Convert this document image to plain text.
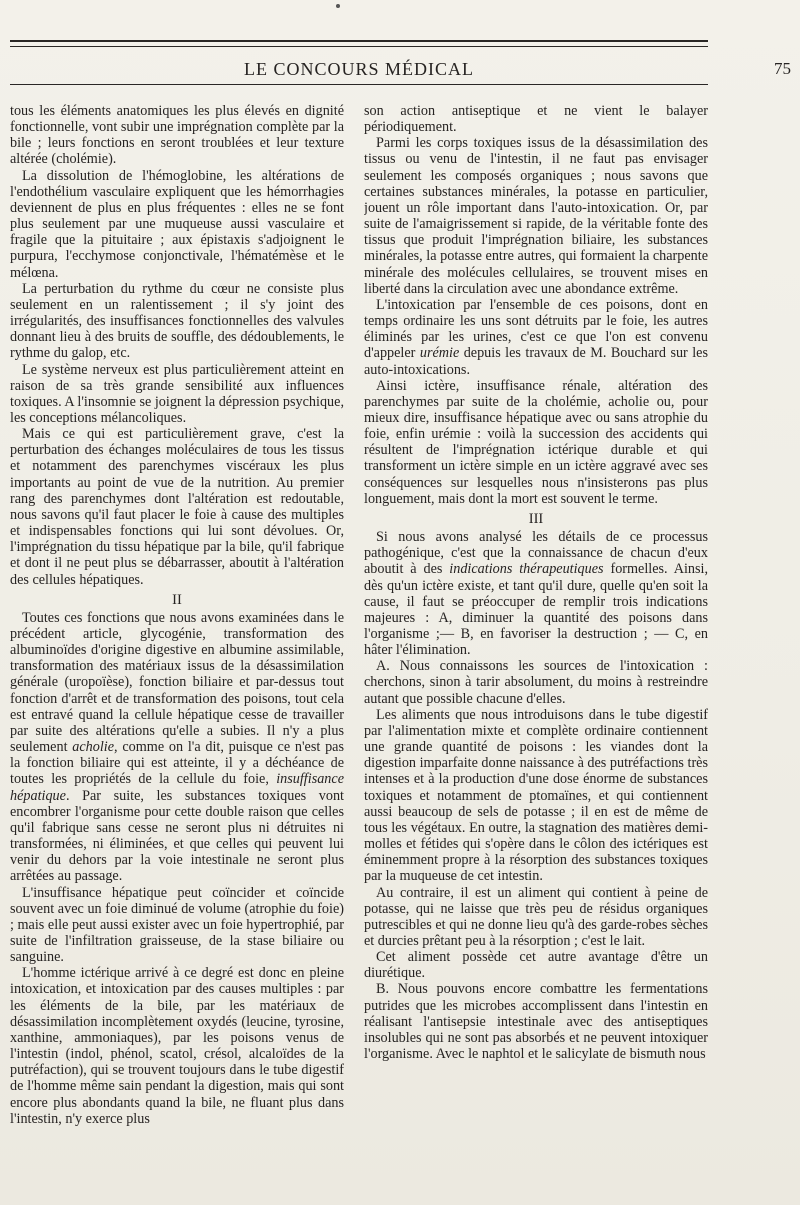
LE CONCOURS MÉDICAL	75

tous les éléments anatomiques les plus élevés en dignité fonctionnelle, vont subir une imprégnation complète par la bile ; leurs fonctions en seront troublées et leur texture altérée (cholémie).

La dissolution de l'hémoglobine, les altérations de l'endothélium vasculaire expliquent que les hémorrhagies deviennent de plus en plus fréquentes : elles ne se font plus seulement par une muqueuse aussi vasculaire et fragile que la pituitaire ; aux épistaxis s'adjoignent le purpura, l'ecchymose conjonctivale, l'hématémèse et le mélœna.

La perturbation du rythme du cœur ne consiste plus seulement en un ralentissement ; il s'y joint des irrégularités, des insuffisances fonctionnelles des valvules donnant lieu à des bruits de souffle, des dédoublements, le rythme du galop, etc.

Le système nerveux est plus particulièrement atteint en raison de sa très grande sensibilité aux influences toxiques. A l'insomnie se joignent la dépression psychique, les conceptions mélancoliques.

Mais ce qui est particulièrement grave, c'est la perturbation des échanges moléculaires de tous les tissus et notamment des parenchymes viscéraux les plus importants au point de vue de la nutrition. Au premier rang des parenchymes dont l'altération est redoutable, nous savons qu'il faut placer le foie à cause des multiples et indispensables fonctions qui lui sont dévolues. Or, l'imprégnation du tissu hépatique par la bile, qu'il fabrique et dont il ne peut plus se débarrasser, aboutit à l'altération des cellules hépatiques.

II

Toutes ces fonctions que nous avons examinées dans le précédent article, glycogénie, transformation des albuminoïdes d'origine digestive en albumine assimilable, transformation des matériaux issus de la désassimilation générale (uropoïèse), fonction biliaire et par-dessus tout fonction d'arrêt et de transformation des poisons, tout cela est entravé quand la cellule hépatique cesse de travailler par suite des altérations qu'elle a subies. Il n'y a plus seulement acholie, comme on l'a dit, puisque ce n'est pas la fonction biliaire qui est atteinte, il y a déchéance de toutes les propriétés de la cellule du foie, insuffisance hépatique. Par suite, les substances toxiques vont encombrer l'organisme pour cette double raison que celles qu'il fabrique sans cesse ne seront plus ni détruites ni transformées, ni éliminées, et que celles qui peuvent lui venir du dehors par la voie intestinale ne seront plus arrêtées au passage.

L'insuffisance hépatique peut coïncider et coïncide souvent avec un foie diminué de volume (atrophie du foie) ; mais elle peut aussi exister avec un foie hypertrophié, par suite de l'infiltration graisseuse, de la stase biliaire ou sanguine.

L'homme ictérique arrivé à ce degré est donc en pleine intoxication, et intoxication par des causes multiples : par les éléments de la bile, par les matériaux de désassimilation incomplètement oxydés (leucine, tyrosine, xanthine, ammoniaques), par les poisons venus de l'intestin (indol, phénol, scatol, crésol, alcaloïdes de la putréfaction), qui se trouvent toujours dans le tube digestif de l'homme même sain pendant la digestion, mais qui sont encore plus abondants quand la bile, ne fluant plus dans l'intestin, n'y exerce plus

son action antiseptique et ne vient le balayer périodiquement.

Parmi les corps toxiques issus de la désassimilation des tissus ou venu de l'intestin, il ne faut pas envisager seulement les composés organiques ; nous savons que certaines substances minérales, la potasse en particulier, jouent un rôle important dans l'auto-intoxication. Or, par suite de l'amaigrissement si rapide, de la véritable fonte des tissus que produit l'imprégnation biliaire, les substances minérales, la potasse entre autres, qui formaient la charpente minérale des molécules cellulaires, se trouvent mises en liberté dans la circulation avec une abondance extrême.

L'intoxication par l'ensemble de ces poisons, dont en temps ordinaire les uns sont détruits par le foie, les autres éliminés par les urines, c'est ce que l'on est convenu d'appeler urémie depuis les travaux de M. Bouchard sur les auto-intoxications.

Ainsi ictère, insuffisance rénale, altération des parenchymes par suite de la cholémie, acholie ou, pour mieux dire, insuffisance hépatique avec ou sans atrophie du foie, enfin urémie : voilà la succession des accidents qui résultent de l'imprégnation ictérique durable et qui transforment un ictère simple en un ictère aggravé avec ses conséquences sur lesquelles nous n'insisterons pas plus longuement, mais dont la mort est souvent le terme.

III

Si nous avons analysé les détails de ce processus pathogénique, c'est que la connaissance de chacun d'eux aboutit à des indications thérapeutiques formelles. Ainsi, dès qu'un ictère existe, et tant qu'il dure, quelle qu'en soit la cause, il faut se préoccuper de remplir trois indications majeures : A, diminuer la quantité des poisons dans l'organisme ;— B, en favoriser la destruction ; — C, en hâter l'élimination.

A. Nous connaissons les sources de l'intoxication : cherchons, sinon à tarir absolument, du moins à restreindre autant que possible chacune d'elles.

Les aliments que nous introduisons dans le tube digestif par l'alimentation mixte et complète ordinaire contiennent une grande quantité de poisons : les viandes dont la digestion imparfaite donne naissance à des putréfactions très intenses et à la production d'une dose énorme de substances toxiques et notamment de ptomaïnes, et qui contiennent aussi beaucoup de sels de potasse ; il en est de même de tous les végétaux. En outre, la stagnation des matières demi-molles et fétides qui s'opère dans le côlon des ictériques est éminemment propre à la résorption des substances toxiques par la muqueuse de cet intestin.

Au contraire, il est un aliment qui contient à peine de potasse, qui ne laisse que très peu de résidus organiques putrescibles et qui ne donne lieu qu'à des garde-robes sèches et durcies prêtant peu à la résorption ; c'est le lait.

Cet aliment possède cet autre avantage d'être un diurétique.

B. Nous pouvons encore combattre les fermentations putrides que les microbes accomplissent dans l'intestin en réalisant l'antisepsie intestinale avec des antiseptiques insolubles qui ne sont pas absorbés et ne peuvent intoxiquer l'organisme. Avec le naphtol et le salicylate de bismuth nous
